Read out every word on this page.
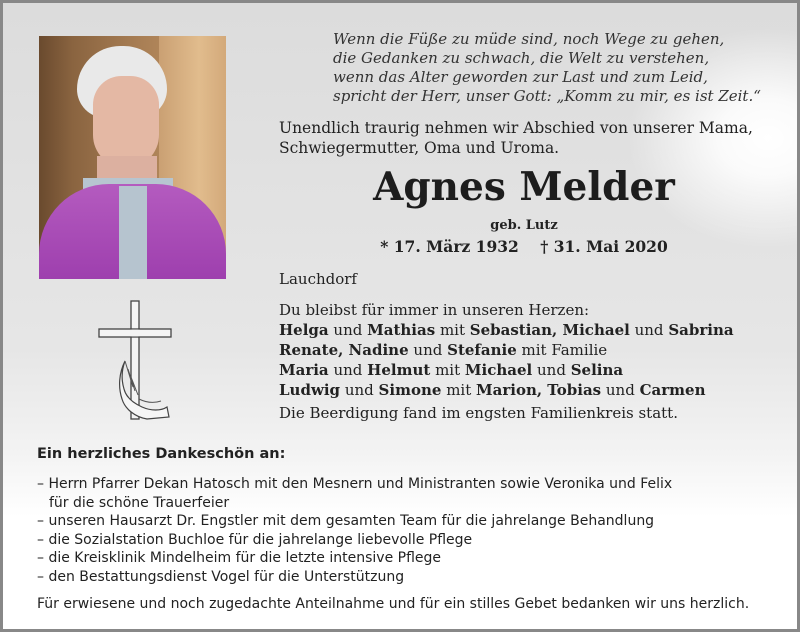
Wenn die Füße zu müde sind, noch Wege zu gehen,
die Gedanken zu schwach, die Welt zu verstehen,
wenn das Alter geworden zur Last und zum Leid,
spricht der Herr, unser Gott: „Komm zu mir, es ist Zeit.“
Unendlich traurig nehmen wir Abschied von unserer Mama,
Schwiegermutter, Oma und Uroma.
Agnes Melder
geb. Lutz
* 17. März 1932 † 31. Mai 2020
Lauchdorf
Du bleibst für immer in unseren Herzen:
Helga und Mathias mit Sebastian, Michael und Sabrina
Renate, Nadine und Stefanie mit Familie
Maria und Helmut mit Michael und Selina
Ludwig und Simone mit Marion, Tobias und Carmen
Die Beerdigung fand im engsten Familienkreis statt.
Ein herzliches Dankeschön an:
– Herrn Pfarrer Dekan Hatosch mit den Mesnern und Ministranten sowie Veronika und Felix
für die schöne Trauerfeier
– unseren Hausarzt Dr. Engstler mit dem gesamten Team für die jahrelange Behandlung
– die Sozialstation Buchloe für die jahrelange liebevolle Pflege
– die Kreisklinik Mindelheim für die letzte intensive Pflege
– den Bestattungsdienst Vogel für die Unterstützung
Für erwiesene und noch zugedachte Anteilnahme und für ein stilles Gebet bedanken wir uns herzlich.
